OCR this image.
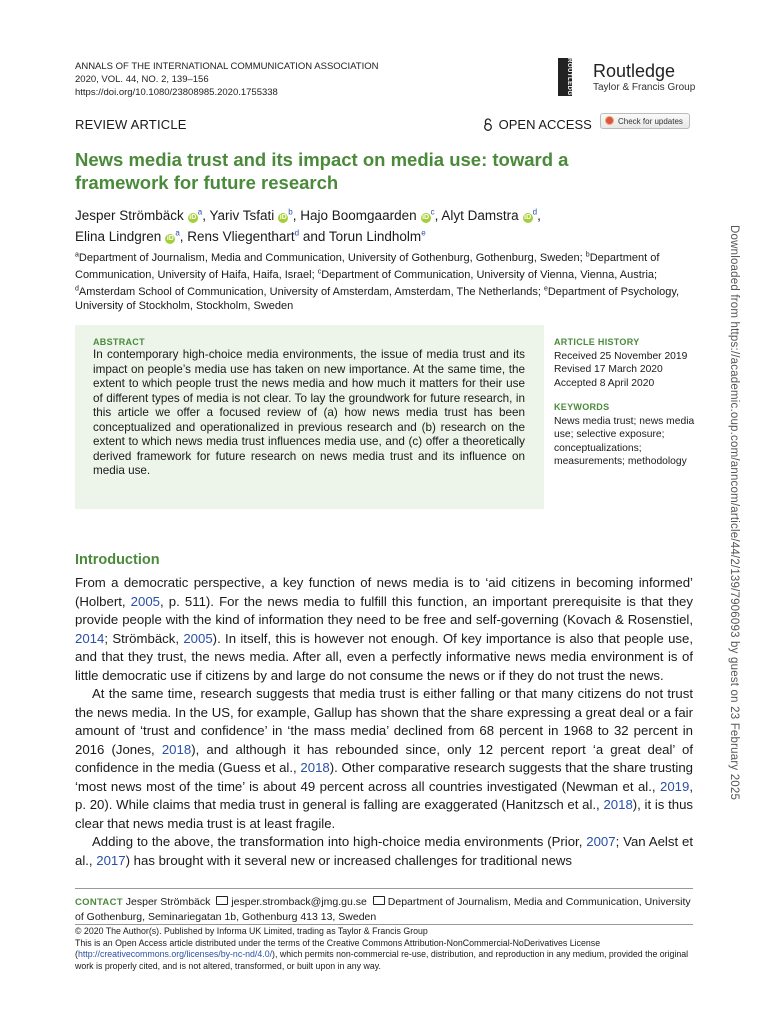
ANNALS OF THE INTERNATIONAL COMMUNICATION ASSOCIATION
2020, VOL. 44, NO. 2, 139–156
https://doi.org/10.1080/23808985.2020.1755338	ROUTLEDGE Routledge
Taylor & Francis Group
REVIEW ARTICLE	OPEN ACCESS	Check for updates
News media trust and its impact on media use: toward a framework for future research
Jesper Strömbäck $iD^a$, Yariv Tsfati $iD^b$, Hajo Boomgaarden $iD^c$, Alyt Damstra $iD^d$,
Elina Lindgren $iD^a$, Rens Vliegenthart$^d$ and Torun Lindholm$^e$
$^a$Department of Journalism, Media and Communication, University of Gothenburg, Gothenburg, Sweden; $^b$Department of Communication, University of Haifa, Haifa, Israel; $^c$Department of Communication, University of Vienna, Vienna, Austria; $^d$Amsterdam School of Communication, University of Amsterdam, Amsterdam, The Netherlands; $^e$Department of Psychology, University of Stockholm, Stockholm, Sweden
ABSTRACT
In contemporary high-choice media environments, the issue of media trust and its impact on people’s media use has taken on new importance. At the same time, the extent to which people trust the news media and how much it matters for their use of different types of media is not clear. To lay the groundwork for future research, in this article we offer a focused review of (a) how news media trust has been conceptualized and operationalized in previous research and (b) research on the extent to which news media trust influences media use, and (c) offer a theoretically derived framework for future research on news media trust and its influence on media use.
ARTICLE HISTORY
Received 25 November 2019
Revised 17 March 2020
Accepted 8 April 2020
KEYWORDS
News media trust; news media use; selective exposure; conceptualizations; measurements; methodology
Introduction

From a democratic perspective, a key function of news media is to ‘aid citizens in becoming informed’ (Holbert, 2005, p. 511). For the news media to fulfill this function, an important prerequisite is that they provide people with the kind of information they need to be free and self-governing (Kovach & Rosenstiel, 2014; Strömbäck, 2005). In itself, this is however not enough. Of key importance is also that people use, and that they trust, the news media. After all, even a perfectly informative news media environment is of little democratic use if citizens by and large do not consume the news or if they do not trust the news.

At the same time, research suggests that media trust is either falling or that many citizens do not trust the news media. In the US, for example, Gallup has shown that the share expressing a great deal or a fair amount of ‘trust and confidence’ in ‘the mass media’ declined from 68 percent in 1968 to 32 percent in 2016 (Jones, 2018), and although it has rebounded since, only 12 percent report ‘a great deal’ of confidence in the media (Guess et al., 2018). Other comparative research suggests that the share trusting ‘most news most of the time’ is about 49 percent across all countries investigated (Newman et al., 2019, p. 20). While claims that media trust in general is falling are exaggerated (Hanitzsch et al., 2018), it is thus clear that news media trust is at least fragile.

Adding to the above, the transformation into high-choice media environments (Prior, 2007; Van Aelst et al., 2017) has brought with it several new or increased challenges for traditional news

CONTACT Jesper Strömbäck jesper.stromback@jmg.gu.se Department of Journalism, Media and Communication, University of Gothenburg, Seminariegatan 1b, Gothenburg 413 13, Sweden
© 2020 The Author(s). Published by Informa UK Limited, trading as Taylor & Francis Group
This is an Open Access article distributed under the terms of the Creative Commons Attribution-NonCommercial-NoDerivatives License (http://creativecommons.org/licenses/by-nc-nd/4.0/), which permits non-commercial re-use, distribution, and reproduction in any medium, provided the original work is properly cited, and is not altered, transformed, or built upon in any way.
Downloaded from https://academic.oup.com/anncom/article/44/2/139/7906093 by guest on 23 February 2025
